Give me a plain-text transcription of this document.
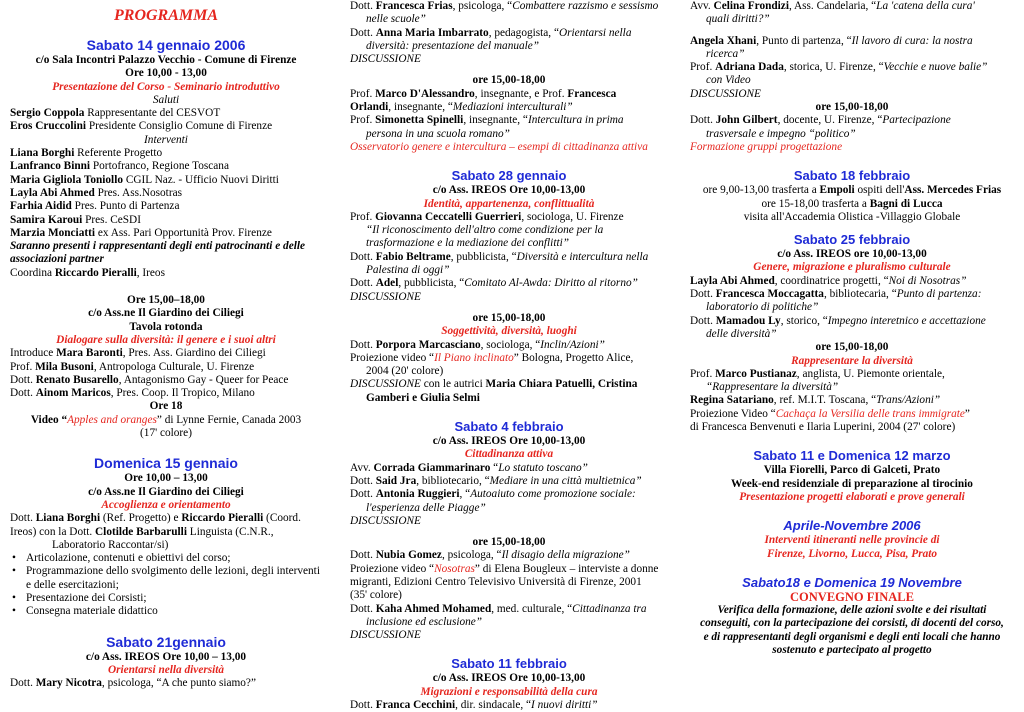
PROGRAMMA
Sabato 14 gennaio 2006
c/o Sala Incontri Palazzo Vecchio - Comune di Firenze
Ore 10,00 - 13,00
Presentazione del Corso - Seminario introduttivo
Saluti
Sergio Coppola Rappresentante del CESVOT
Eros Cruccolini Presidente Consiglio Comune di Firenze
Interventi
Liana Borghi Referente Progetto
Lanfranco Binni Portofranco, Regione Toscana
Maria Gigliola Toniollo CGIL Naz. - Ufficio Nuovi Diritti
Layla Abi Ahmed Pres. Ass.Nosotras
Farhia Aidid Pres. Punto di Partenza
Samira Karoui Pres. CeSDI
Marzia Monciatti ex Ass. Pari Opportunità Prov. Firenze
Saranno presenti i rappresentanti degli enti patrocinanti e delle associazioni partner
Coordina Riccardo Pieralli, Ireos
Ore 15,00–18,00
c/o Ass.ne Il Giardino dei Ciliegi
Tavola rotonda
Dialogare sulla diversità: il genere e i suoi altri
Introduce Mara Baronti, Pres. Ass. Giardino dei Ciliegi
Prof. Mila Busoni, Antropologa Culturale, U. Firenze
Dott. Renato Busarello, Antagonismo Gay - Queer for Peace
Dott. Ainom Maricos, Pres. Coop. Il Tropico, Milano
Ore 18
Video “Apples and oranges” di Lynne Fernie, Canada 2003
(17' colore)
Domenica 15 gennaio
Ore 10,00 – 13,00
c/o Ass.ne Il Giardino dei Ciliegi
Accoglienza e orientamento
Dott. Liana Borghi (Ref. Progetto) e Riccardo Pieralli (Coord.
Ireos) con la Dott. Clotilde Barbarulli Linguista (C.N.R.,
Laboratorio Raccontar/si)
• Articolazione, contenuti e obiettivi del corso;
• Programmazione dello svolgimento delle lezioni, degli interventi e delle esercitazioni;
• Presentazione dei Corsisti;
• Consegna materiale didattico
Sabato 21gennaio
c/o Ass. IREOS Ore 10,00 – 13,00
Orientarsi nella diversità
Dott. Mary Nicotra, psicologa, “A che punto siamo?”
Dott. Francesca Frias, psicologa, “Combattere razzismo e sessismo
nelle scuole”
Dott. Anna Maria Imbarrato, pedagogista, “Orientarsi nella
diversità: presentazione del manuale”
DISCUSSIONE
ore 15,00-18,00
Prof. Marco D'Alessandro, insegnante, e Prof. Francesca
Orlandi, insegnante, “Mediazioni interculturali”
Prof. Simonetta Spinelli, insegnante, “Intercultura in prima
persona in una scuola romano”
Osservatorio genere e intercultura – esempi di cittadinanza attiva
Sabato 28 gennaio
c/o Ass. IREOS Ore 10,00-13,00
Identità, appartenenza, conflittualità
Prof. Giovanna Ceccatelli Guerrieri, sociologa, U. Firenze
“Il riconoscimento dell'altro come condizione per la
trasformazione e la mediazione dei conflitti”
Dott. Fabio Beltrame, pubblicista, “Diversità e intercultura nella
Palestina di oggi”
Dott. Adel, pubblicista, “Comitato Al-Awda: Diritto al ritorno”
DISCUSSIONE
ore 15,00-18,00
Soggettività, diversità, luoghi
Dott. Porpora Marcasciano, sociologa, “Inclin/Azioni”
Proiezione video “Il Piano inclinato” Bologna, Progetto Alice,
2004 (20' colore)
DISCUSSIONE con le autrici Maria Chiara Patuelli, Cristina
Gamberi e Giulia Selmi
Sabato 4 febbraio
c/o Ass. IREOS Ore 10,00-13,00
Cittadinanza attiva
Avv. Corrada Giammarinaro “Lo statuto toscano”
Dott. Said Jra, bibliotecario, “Mediare in una città multietnica”
Dott. Antonia Ruggieri, “Autoaiuto come promozione sociale:
l'esperienza delle Piagge”
DISCUSSIONE
ore 15,00-18,00
Dott. Nubia Gomez, psicologa, “Il disagio della migrazione”
Proiezione video “Nosotras” di Elena Bougleux – interviste a donne
migranti, Edizioni Centro Televisivo Università di Firenze, 2001
(35' colore)
Dott. Kaha Ahmed Mohamed, med. culturale, “Cittadinanza tra
inclusione ed esclusione”
DISCUSSIONE
Sabato 11 febbraio
c/o Ass. IREOS Ore 10,00-13,00
Migrazioni e responsabilità della cura
Dott. Franca Cecchini, dir. sindacale, “I nuovi diritti”
Avv. Celina Frondizi, Ass. Candelaria, “La 'catena della cura'
quali diritti?”
Angela Xhani, Punto di partenza, “Il lavoro di cura: la nostra
ricerca”
Prof. Adriana Dada, storica, U. Firenze, “Vecchie e nuove balie”
con Video
DISCUSSIONE
ore 15,00-18,00
Dott. John Gilbert, docente, U. Firenze, “Partecipazione
trasversale e impegno “politico”
Formazione gruppi progettazione
Sabato 18 febbraio
ore 9,00-13,00 trasferta a Empoli ospiti dell'Ass. Mercedes Frias
ore 15-18,00 trasferta a Bagni di Lucca
visita all'Accademia Olistica -Villaggio Globale
Sabato 25 febbraio
c/o Ass. IREOS ore 10,00-13,00
Genere, migrazione e pluralismo culturale
Layla Abi Ahmed, coordinatrice progetti, “Noi di Nosotras”
Dott. Francesca Moccagatta, bibliotecaria, “Punto di partenza:
laboratorio di politiche”
Dott. Mamadou Ly, storico, “Impegno interetnico e accettazione
delle diversità”
ore 15,00-18,00
Rappresentare la diversità
Prof. Marco Pustianaz, anglista, U. Piemonte orientale,
“Rappresentare la diversità”
Regina Satariano, ref. M.I.T. Toscana, “Trans/Azioni”
Proiezione Video “Cachaça la Versilia delle trans immigrate”
di Francesca Benvenuti e Ilaria Luperini, 2004 (27' colore)
Sabato 11 e Domenica 12 marzo
Villa Fiorelli, Parco di Galceti, Prato
Week-end residenziale di preparazione al tirocinio
Presentazione progetti elaborati e prove generali
Aprile-Novembre 2006
Interventi itineranti nelle provincie di
Firenze, Livorno, Lucca, Pisa, Prato
Sabato18 e Domenica 19 Novembre
CONVEGNO FINALE
Verifica della formazione, delle azioni svolte e dei risultati
conseguiti, con la partecipazione dei corsisti, di docenti del corso,
e di rappresentanti degli organismi e degli enti locali che hanno
sostenuto e partecipato al progetto
